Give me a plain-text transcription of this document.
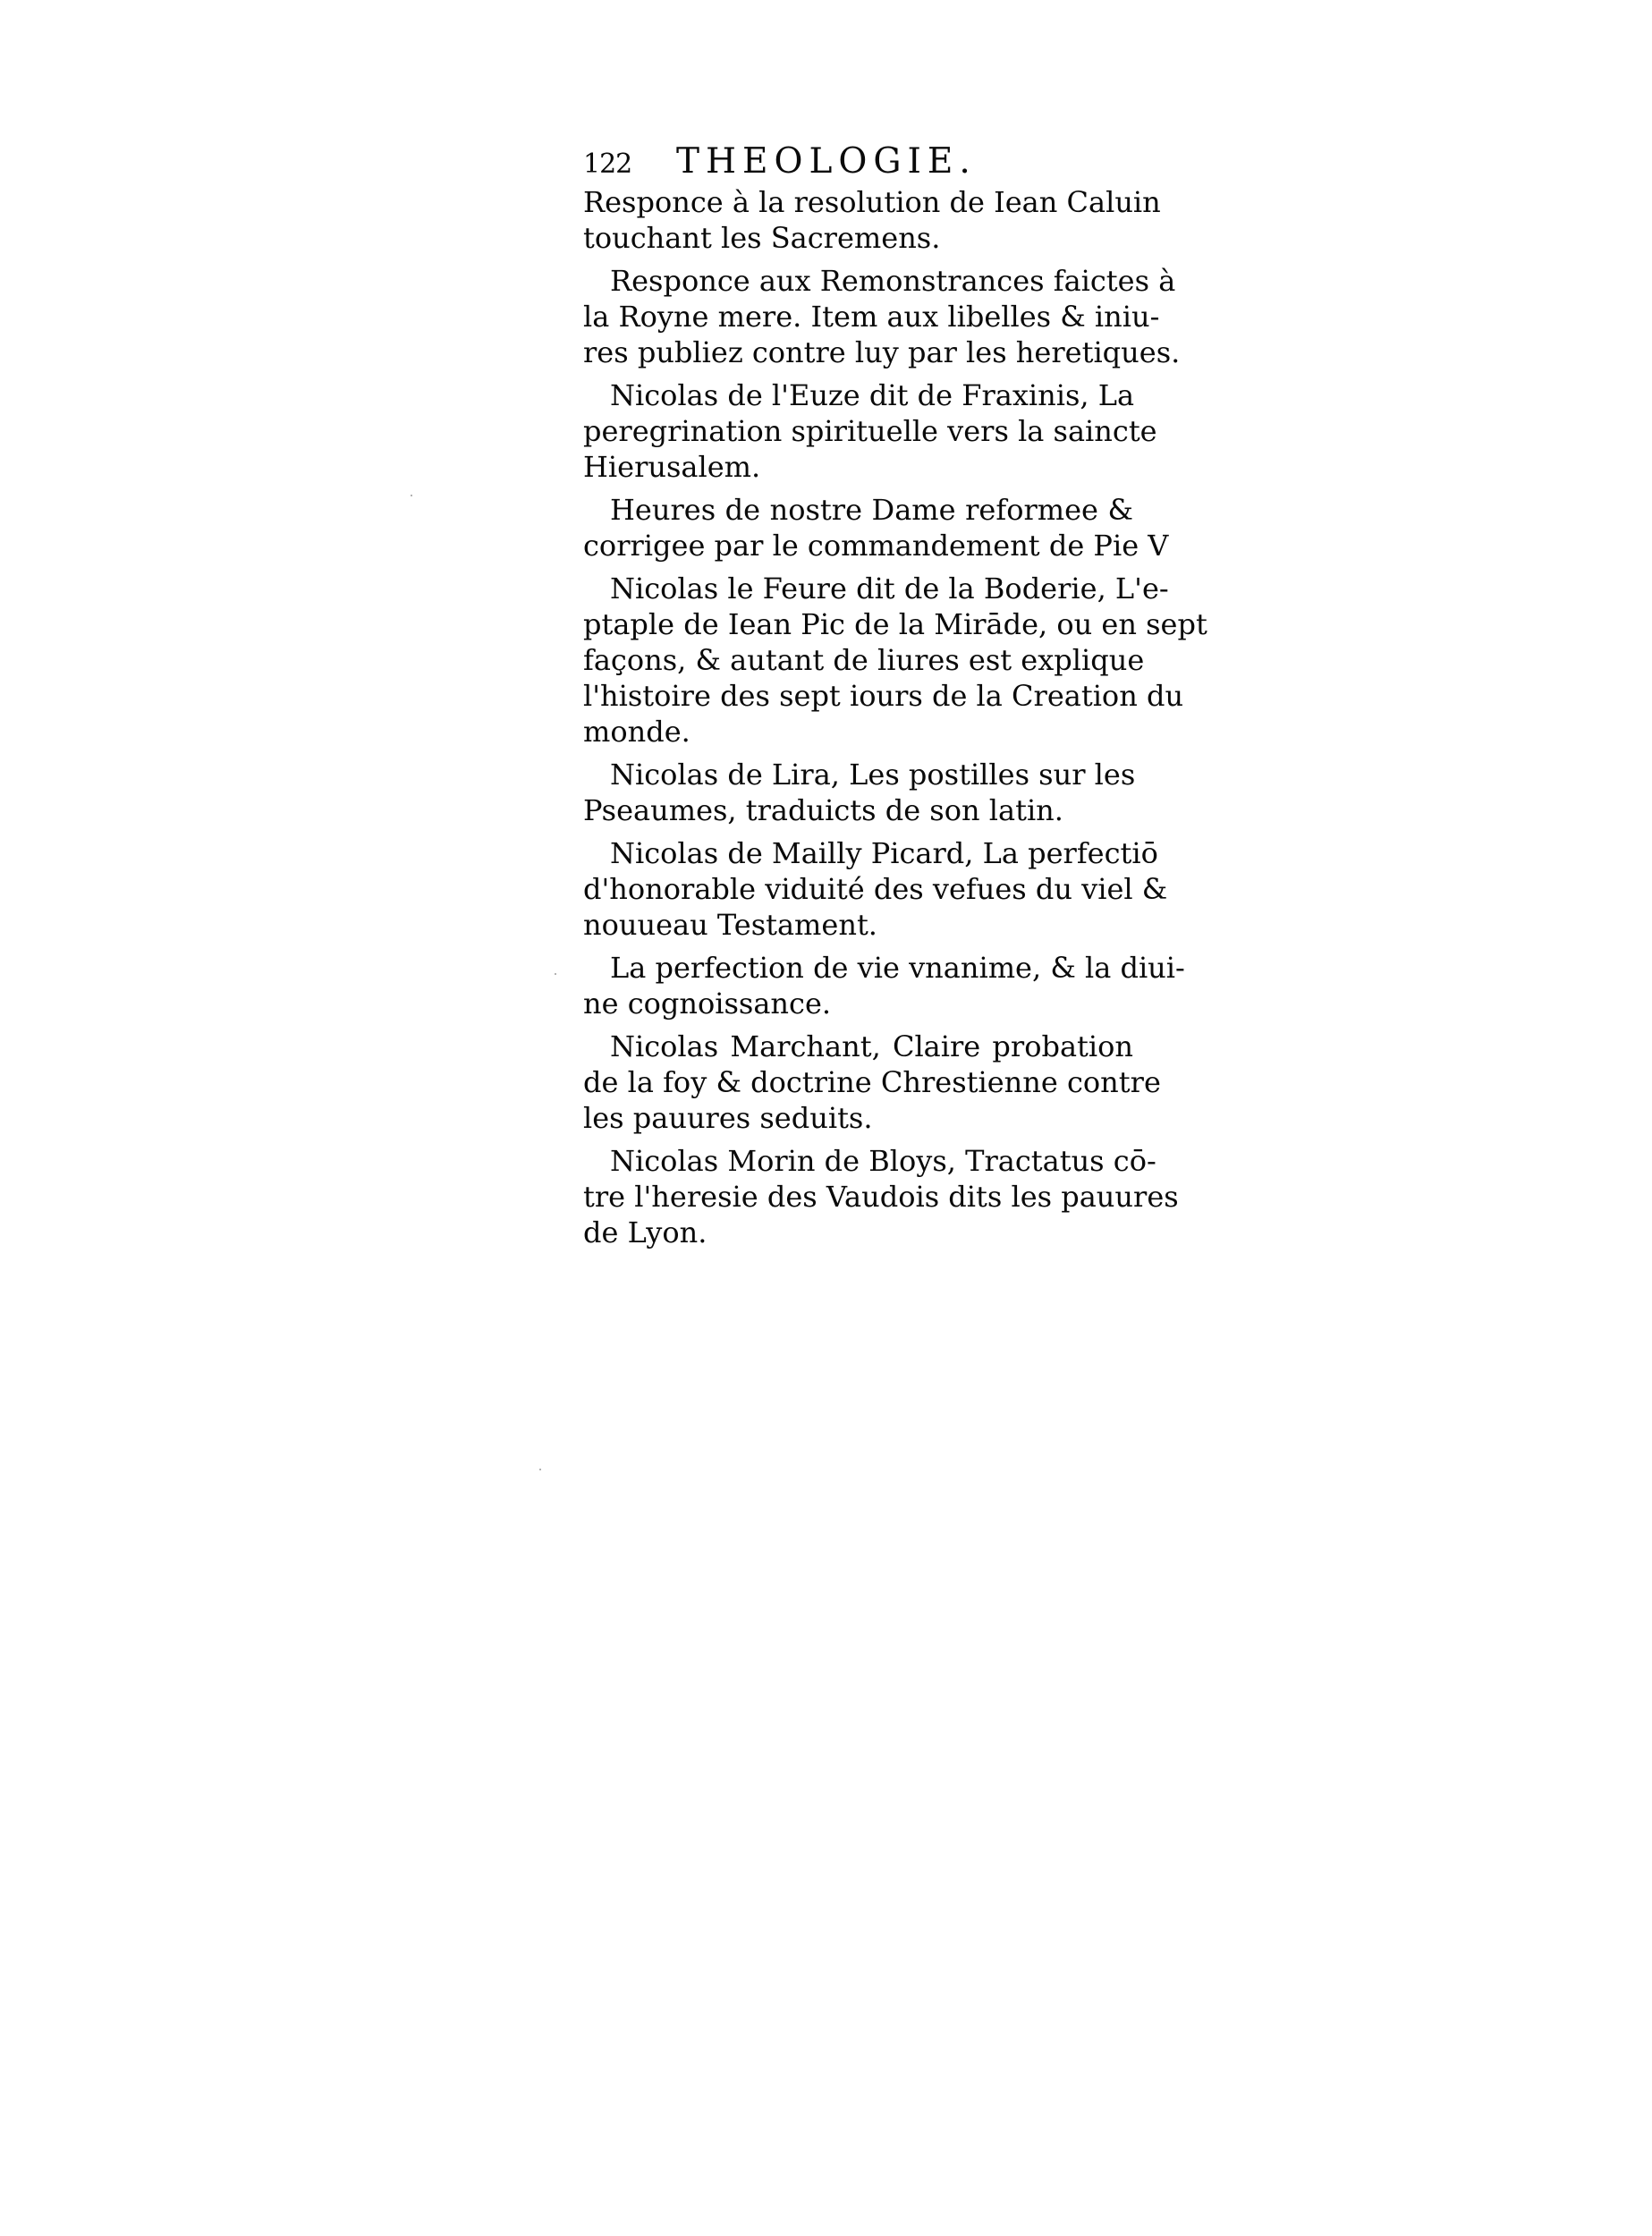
122 THEOLOGIE.
Responce à la resolution de Iean Caluin
touchant les Sacremens.
Responce aux Remonstrances faictes à
la Royne mere. Item aux libelles & iniu-
res publiez contre luy par les heretiques.
Nicolas de l'Euze dit de Fraxinis, La
peregrination spirituelle vers la saincte
Hierusalem.
Heures de nostre Dame reformee &
corrigee par le commandement de Pie V
Nicolas le Feure dit de la Boderie, L'e-
ptaple de Iean Pic de la Mirāde, ou en sept
façons, & autant de liures est explique
l'histoire des sept iours de la Creation du
monde.
Nicolas de Lira, Les postilles sur les
Pseaumes, traduicts de son latin.
Nicolas de Mailly Picard, La perfectiō
d'honorable viduité des vefues du viel &
nouueau Testament.
La perfection de vie vnanime, & la diui-
ne cognoissance.
Nicolas Marchant, Claire probation
de la foy & doctrine Chrestienne contre
les pauures seduits.
Nicolas Morin de Bloys, Tractatus cō-
tre l'heresie des Vaudois dits les pauures
de Lyon.
